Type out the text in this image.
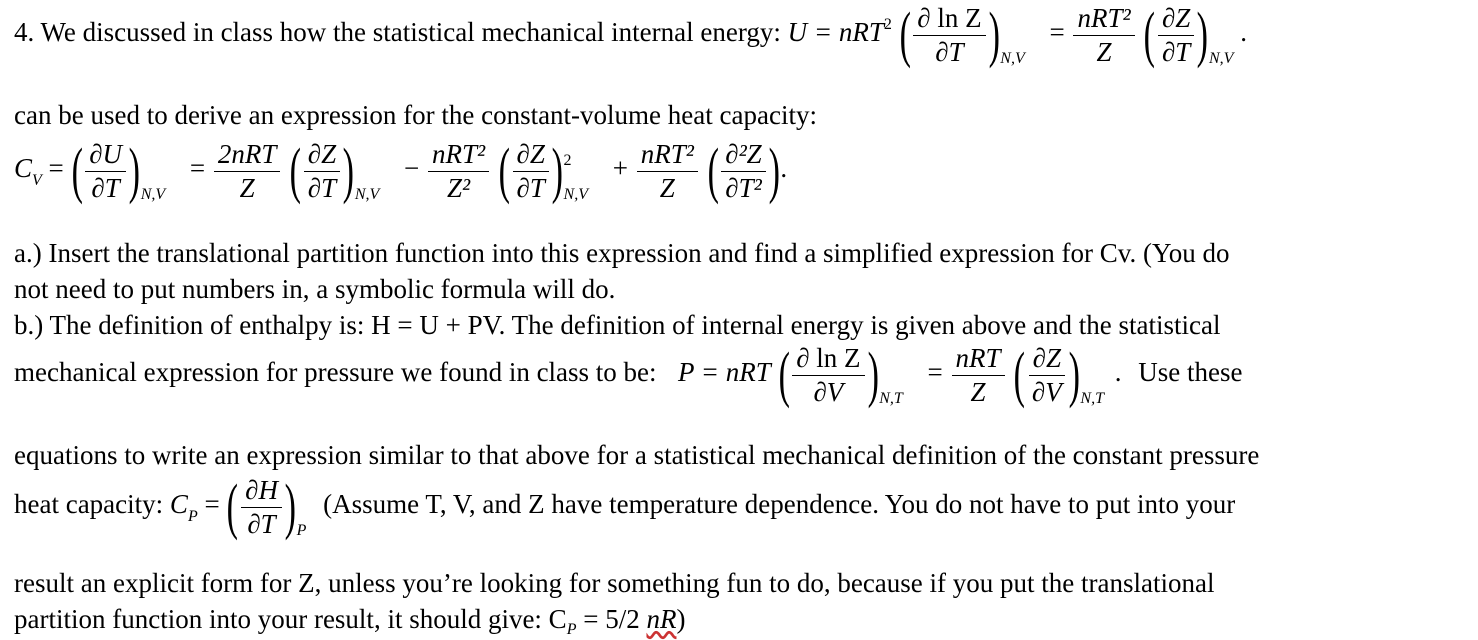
4. We discussed in class how the statistical mechanical internal energy: U = nRT$^2$ ( $\frac{\text{∂ ln Z}}{\partial T} )_{N,V} = \frac{\text{nRT²}}{Z}$ ( $\frac{\partial Z}{\partial T} )_{N,V}$ .
can be used to derive an expression for the constant-volume heat capacity:
$C_V$ = ( $\frac{\partial U}{\partial T} )_{N,V} = \frac{\text{2nRT}}{Z}$ ( $\frac{\partial Z}{\partial T} )_{N,V} - \frac{\text{nRT²}}{\text{Z²}}$ ( $\frac{\partial Z}{\partial T} )^2_{N,V} + \frac{\text{nRT²}}{Z}$ ( $\frac{\text{∂²Z}}{\text{∂T²}}$ ).
a.) Insert the translational partition function into this expression and find a simplified expression for Cv. (You do
not need to put numbers in, a symbolic formula will do.
b.) The definition of enthalpy is: H = U + PV. The definition of internal energy is given above and the statistical
mechanical expression for pressure we found in class to be: P = nRT ( $\frac{\text{∂ ln Z}}{\partial V} )_{N,T} = \frac{\text{nRT}}{Z}$ ( $\frac{\partial Z}{\partial V} )_{N,T}$ . Use these
equations to write an expression similar to that above for a statistical mechanical definition of the constant pressure
heat capacity: $C_P$ = ( $\frac{\partial H}{\partial T} )_P$ (Assume T, V, and Z have temperature dependence. You do not have to put into your
result an explicit form for Z, unless you’re looking for something fun to do, because if you put the translational
partition function into your result, it should give: $C_P = 5/2$ nR)
